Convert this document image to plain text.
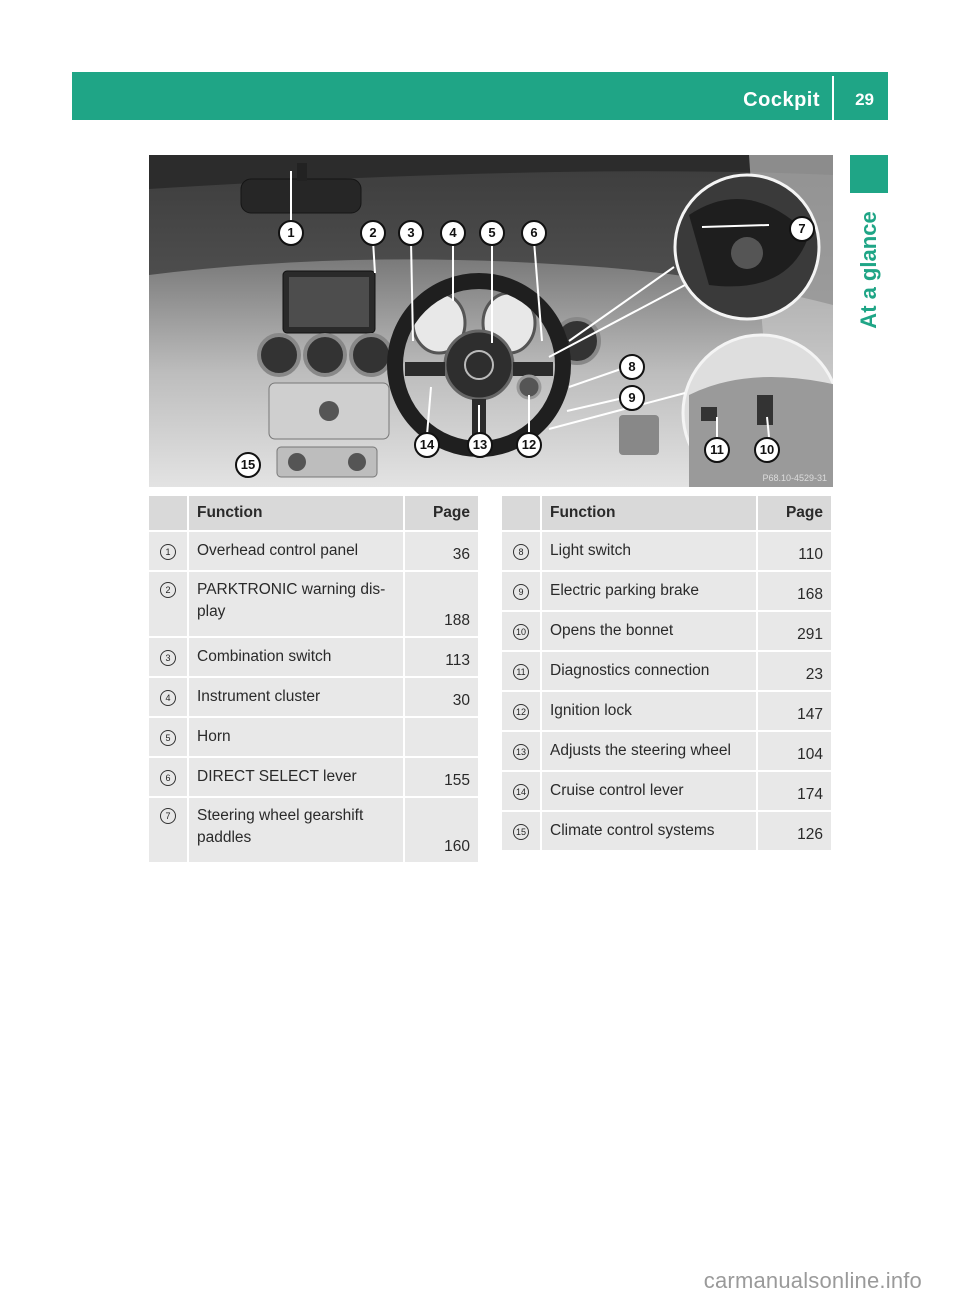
Cockpit 29
At a glance
1	2	3	4	5	6	7
8
9
10
11
12
13
14
15
P68.10-4529-31
	Function	Page
1	Overhead control panel	36
2	PARKTRONIC warning dis-
play	188
3	Combination switch	113
4	Instrument cluster	30
5	Horn	
6	DIRECT SELECT lever	155
7	Steering wheel gearshift
paddles	160
	Function	Page
8	Light switch	110
9	Electric parking brake	168
10	Opens the bonnet	291
11	Diagnostics connection	23
12	Ignition lock	147
13	Adjusts the steering wheel	104
14	Cruise control lever	174
15	Climate control systems	126
carmanualsonline.info
